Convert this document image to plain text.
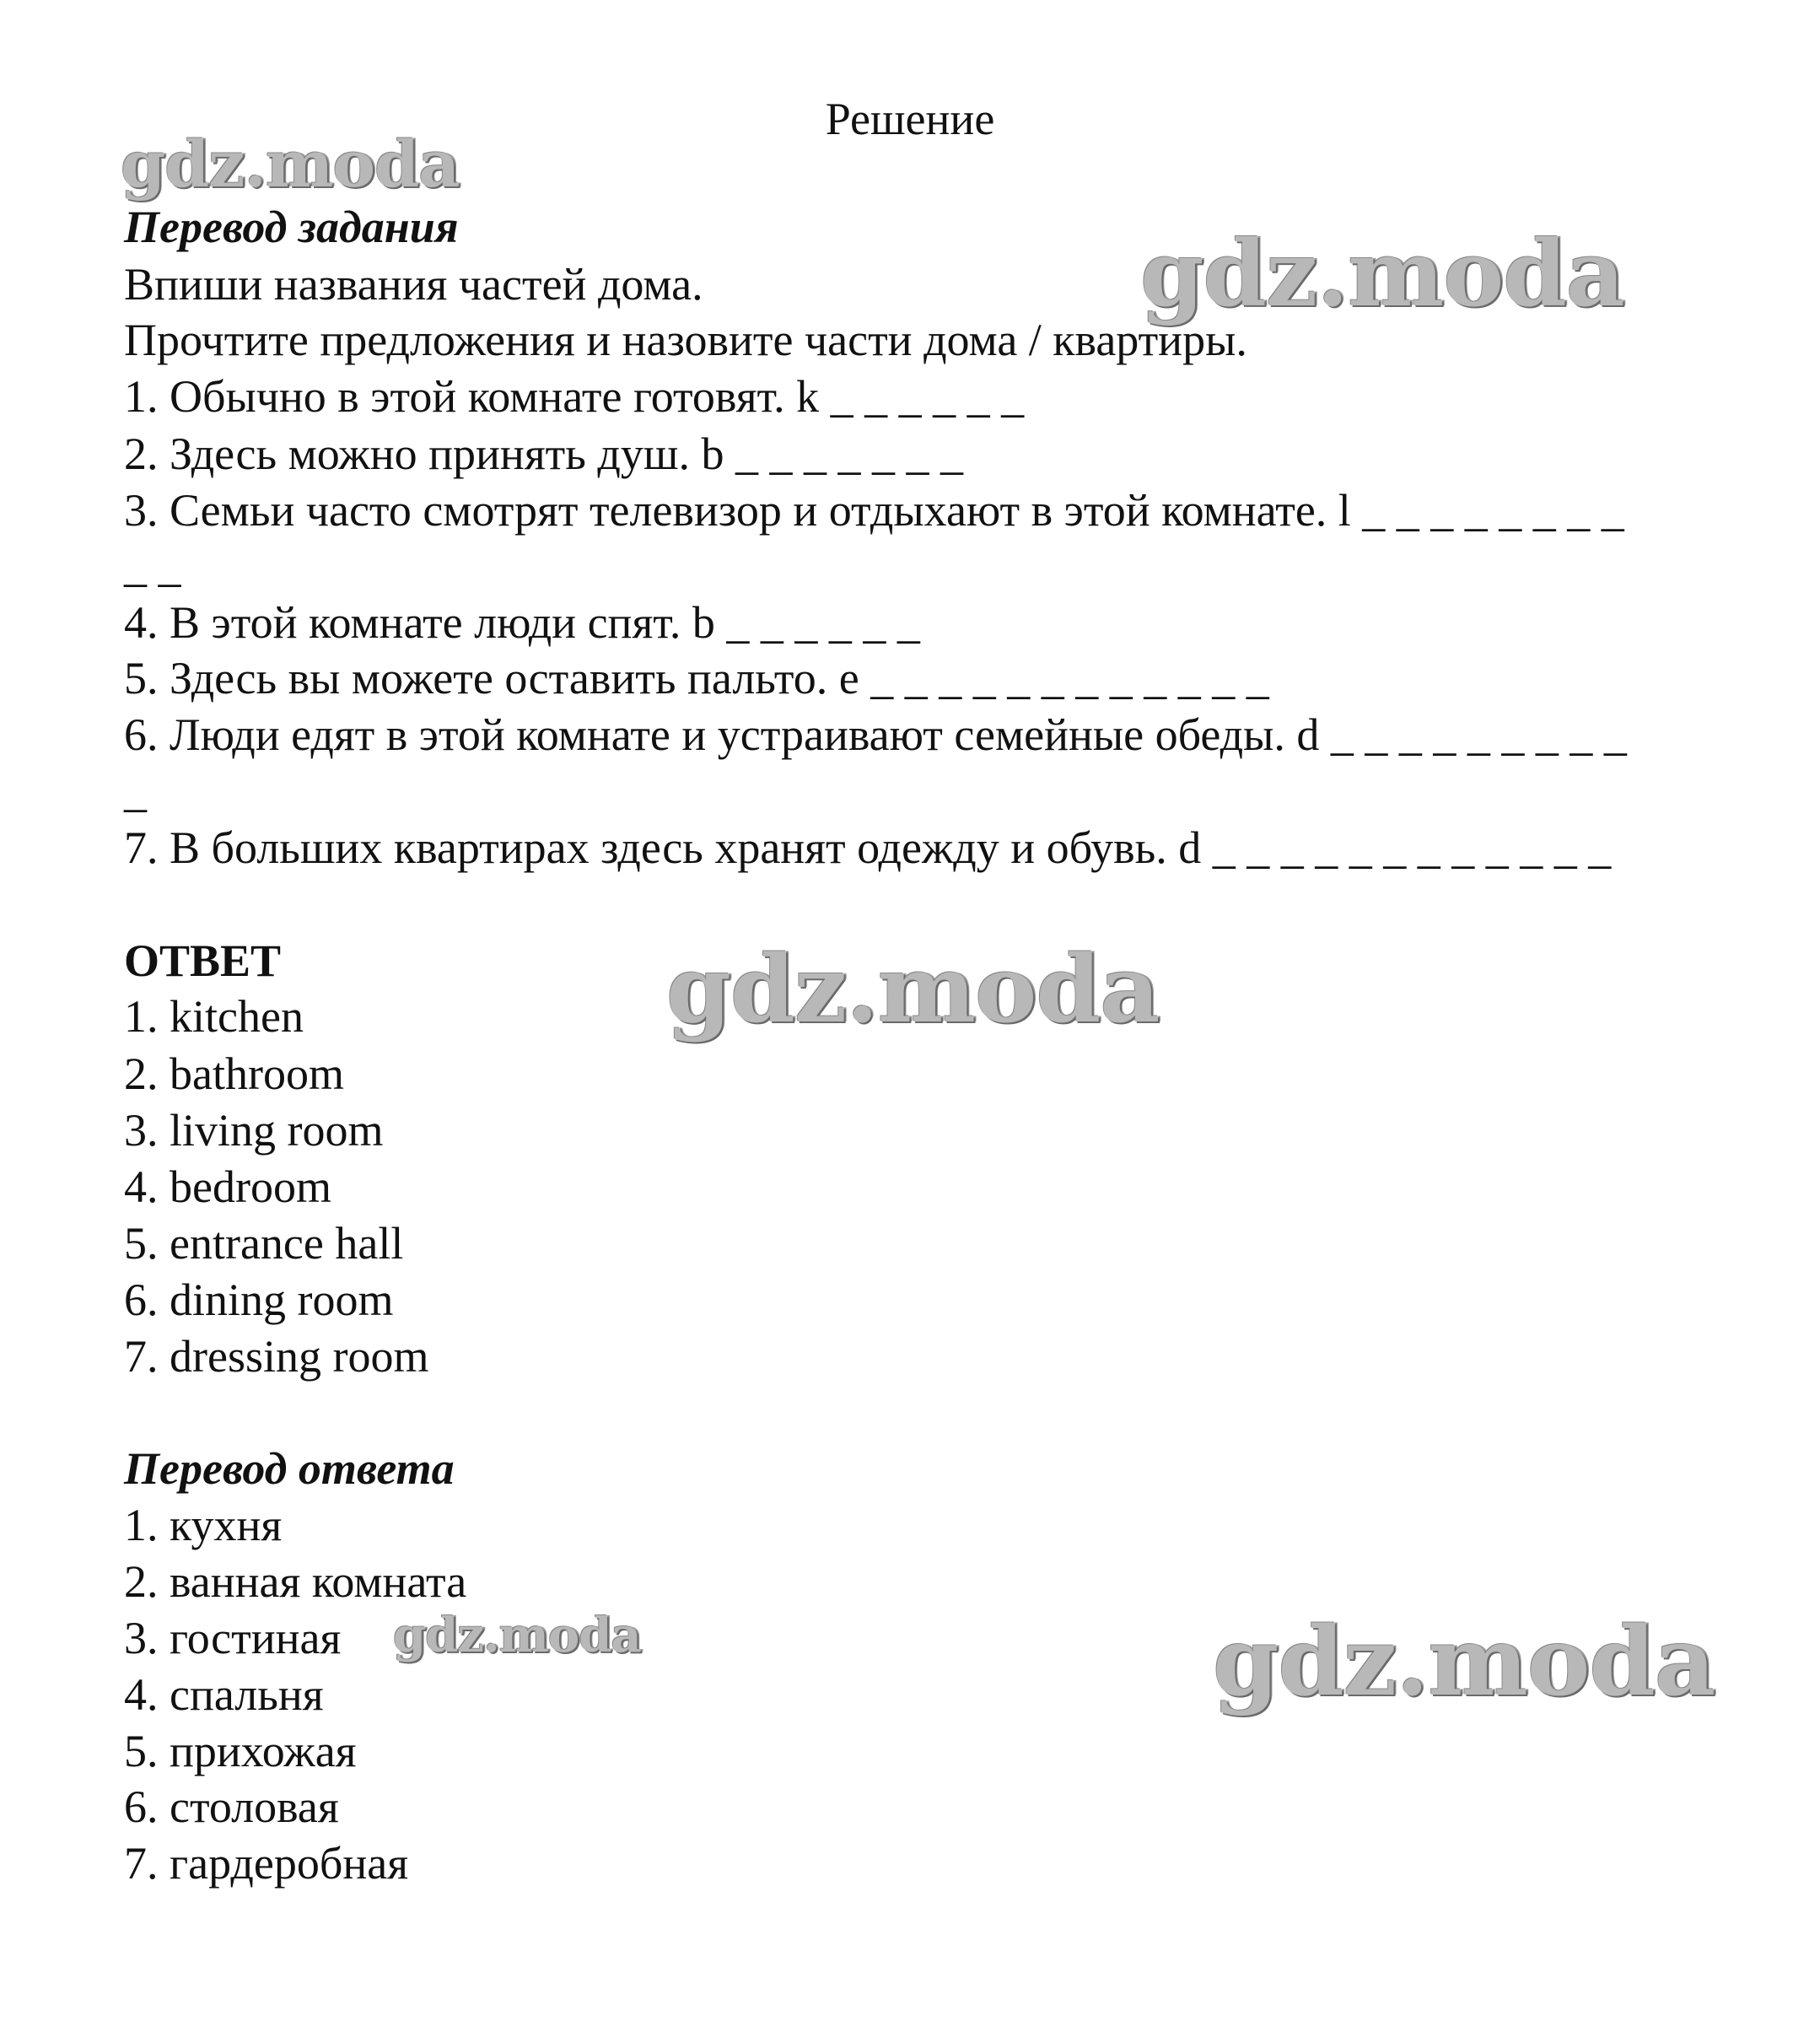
Решение

gdz.moda
gdz.moda
gdz.moda
gdz.moda	gdz.moda

Перевод задания

Впиши названия частей дома.

Прочтите предложения и назовите части дома / квартиры.

1. Обычно в этой комнате готовят. k _ _ _ _ _ _

2. Здесь можно принять душ. b _ _ _ _ _ _ _

3. Семьи часто смотрят телевизор и отдыхают в этой комнате. l _ _ _ _ _ _ _ _

_ _

4. В этой комнате люди спят. b _ _ _ _ _ _

5. Здесь вы можете оставить пальто. e _ _ _ _ _ _ _ _ _ _ _ _

6. Люди едят в этой комнате и устраивают семейные обеды. d _ _ _ _ _ _ _ _ _

_

7. В больших квартирах здесь хранят одежду и обувь. d _ _ _ _ _ _ _ _ _ _ _ _

ОТВЕТ

1. kitchen

2. bathroom

3. living room

4. bedroom

5. entrance hall

6. dining room

7. dressing room

Перевод ответа

1. кухня

2. ванная комната

3. гостиная

4. спальня

5. прихожая

6. столовая

7. гардеробная
